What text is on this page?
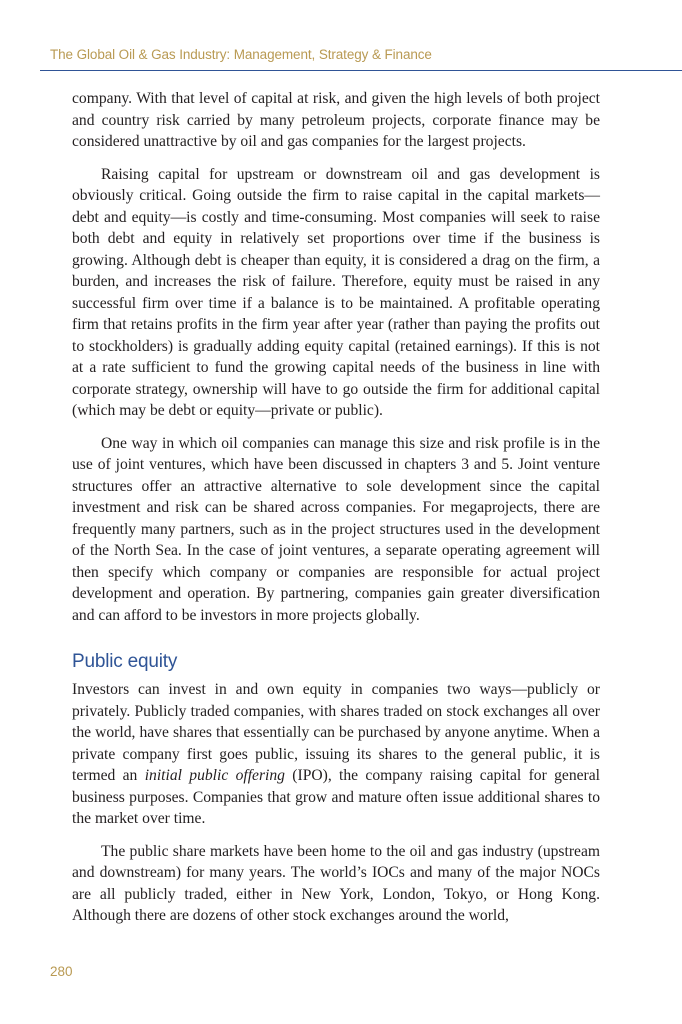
The Global Oil & Gas Industry: Management, Strategy & Finance

company. With that level of capital at risk, and given the high levels of both project and country risk carried by many petroleum projects, corporate finance may be considered unattractive by oil and gas companies for the largest projects.

Raising capital for upstream or downstream oil and gas development is obviously critical. Going outside the firm to raise capital in the capital markets—debt and equity—is costly and time-consuming. Most companies will seek to raise both debt and equity in relatively set proportions over time if the business is growing. Although debt is cheaper than equity, it is considered a drag on the firm, a burden, and increases the risk of failure. Therefore, equity must be raised in any successful firm over time if a balance is to be maintained. A profitable operating firm that retains profits in the firm year after year (rather than paying the profits out to stockholders) is gradually adding equity capital (retained earnings). If this is not at a rate sufficient to fund the growing capital needs of the business in line with corporate strategy, ownership will have to go outside the firm for additional capital (which may be debt or equity—private or public).

One way in which oil companies can manage this size and risk profile is in the use of joint ventures, which have been discussed in chapters 3 and 5. Joint venture structures offer an attractive alternative to sole development since the capital investment and risk can be shared across companies. For megaprojects, there are frequently many partners, such as in the project structures used in the development of the North Sea. In the case of joint ventures, a separate operating agreement will then specify which company or companies are responsible for actual project development and operation. By partnering, companies gain greater diversification and can afford to be investors in more projects globally.

Public equity

Investors can invest in and own equity in companies two ways—publicly or privately. Publicly traded companies, with shares traded on stock exchanges all over the world, have shares that essentially can be purchased by anyone anytime. When a private company first goes public, issuing its shares to the general public, it is termed an initial public offering (IPO), the company raising capital for general business purposes. Companies that grow and mature often issue additional shares to the market over time.

The public share markets have been home to the oil and gas industry (upstream and downstream) for many years. The world’s IOCs and many of the major NOCs are all publicly traded, either in New York, London, Tokyo, or Hong Kong. Although there are dozens of other stock exchanges around the world,

280
